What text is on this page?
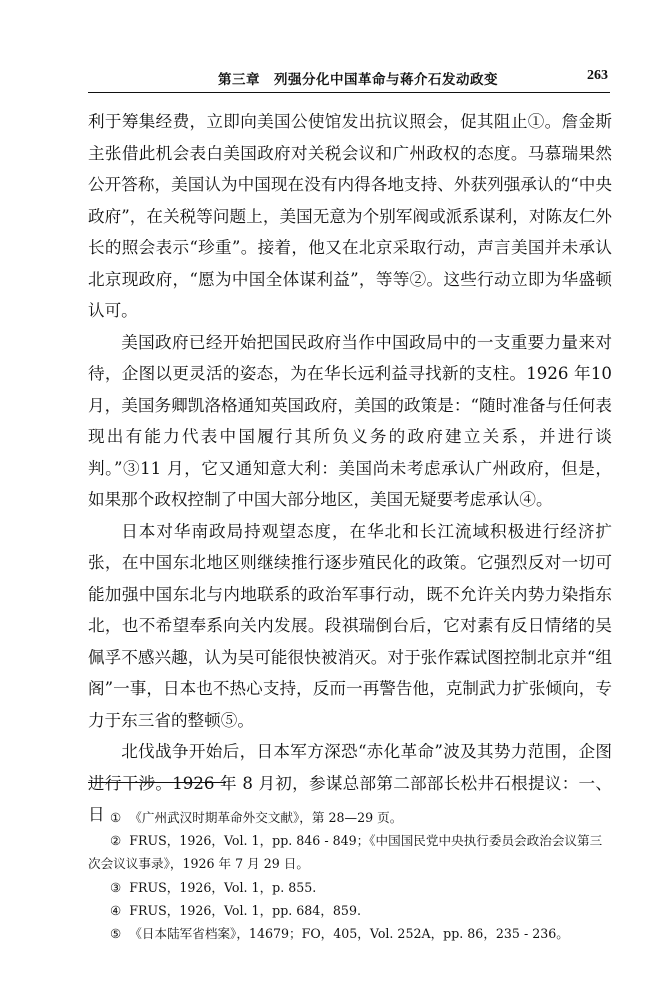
第三章　列强分化中国革命与蒋介石发动政变	263

利于筹集经费，立即向美国公使馆发出抗议照会，促其阻止①。詹金斯主张借此机会表白美国政府对关税会议和广州政权的态度。马慕瑞果然公开答称，美国认为中国现在没有内得各地支持、外获列强承认的“中央政府”，在关税等问题上，美国无意为个别军阀或派系谋利，对陈友仁外长的照会表示“珍重”。接着，他又在北京采取行动，声言美国并未承认北京现政府，“愿为中国全体谋利益”，等等②。这些行动立即为华盛顿认可。

美国政府已经开始把国民政府当作中国政局中的一支重要力量来对待，企图以更灵活的姿态，为在华长远利益寻找新的支柱。1926 年10 月，美国务卿凯洛格通知英国政府，美国的政策是：“随时准备与任何表现出有能力代表中国履行其所负义务的政府建立关系，并进行谈判。”③11 月，它又通知意大利：美国尚未考虑承认广州政府，但是，如果那个政权控制了中国大部分地区，美国无疑要考虑承认④。

日本对华南政局持观望态度，在华北和长江流域积极进行经济扩张，在中国东北地区则继续推行逐步殖民化的政策。它强烈反对一切可能加强中国东北与内地联系的政治军事行动，既不允许关内势力染指东北，也不希望奉系向关内发展。段祺瑞倒台后，它对素有反日情绪的吴佩孚不感兴趣，认为吴可能很快被消灭。对于张作霖试图控制北京并“组阁”一事，日本也不热心支持，反而一再警告他，克制武力扩张倾向，专力于东三省的整顿⑤。

北伐战争开始后，日本军方深恐“赤化革命”波及其势力范围，企图进行干涉。1926 年 8 月初，参谋总部第二部部长松井石根提议：一、日 ① 《广州武汉时期革命外交文献》，第 28—29 页。

② FRUS，1926，Vol. 1，pp. 846 - 849；《中国国民党中央执行委员会政治会议第三次会议议事录》，1926 年 7 月 29 日。

③ FRUS，1926，Vol. 1，p. 855.

④ FRUS，1926，Vol. 1，pp. 684，859.

⑤ 《日本陆军省档案》，14679；FO，405，Vol. 252A，pp. 86，235 - 236。
